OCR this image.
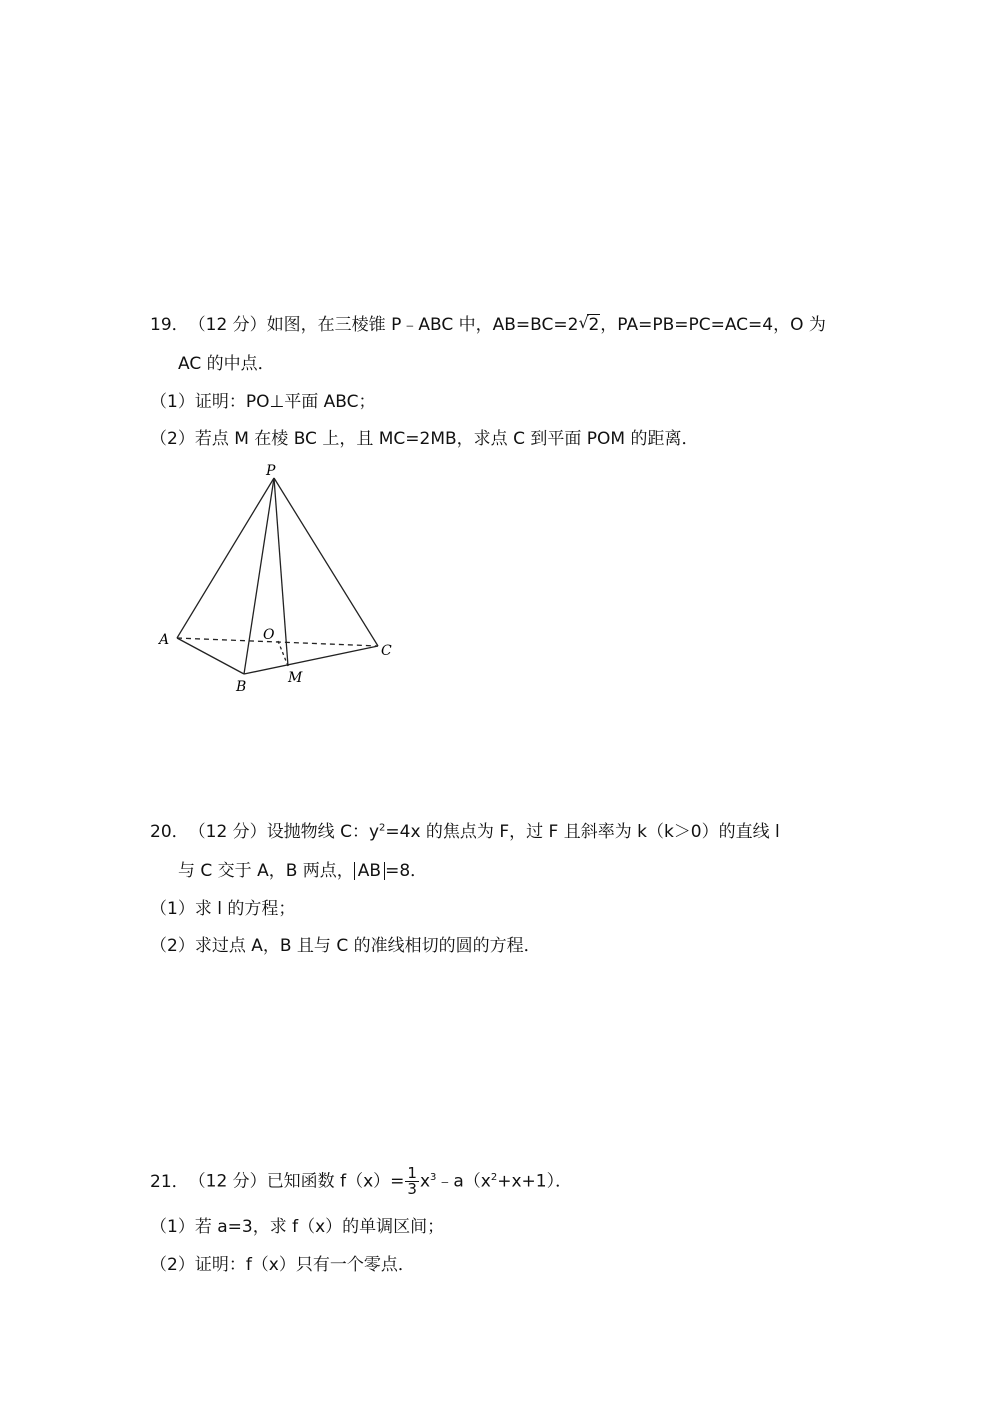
19．（12 分）如图，在三棱锥 P﹣ABC 中，AB=BC=2 √ 2，PA=PB=PC=AC=4，O 为
AC 的中点．
（1）证明：PO⊥平面 ABC；
（2）若点 M 在棱 BC 上，且 MC=2MB，求点 C 到平面 POM 的距离．
P
A
B
C
O
M
20．（12 分）设抛物线 C：$y^2=4x$ 的焦点为 F，过 F 且斜率为 k（k＞0）的直线 l
与 C 交于 A，B 两点， AB =8．
（1）求 l 的方程；
（2）求过点 A，B 且与 C 的准线相切的圆的方程．
21．（12 分）已知函数 $f(x)= \frac{1}{3}$ $x^3﹣a(x^2+x+1)$．
（1）若 a=3，求 f（x）的单调区间；
（2）证明：f（x）只有一个零点．
